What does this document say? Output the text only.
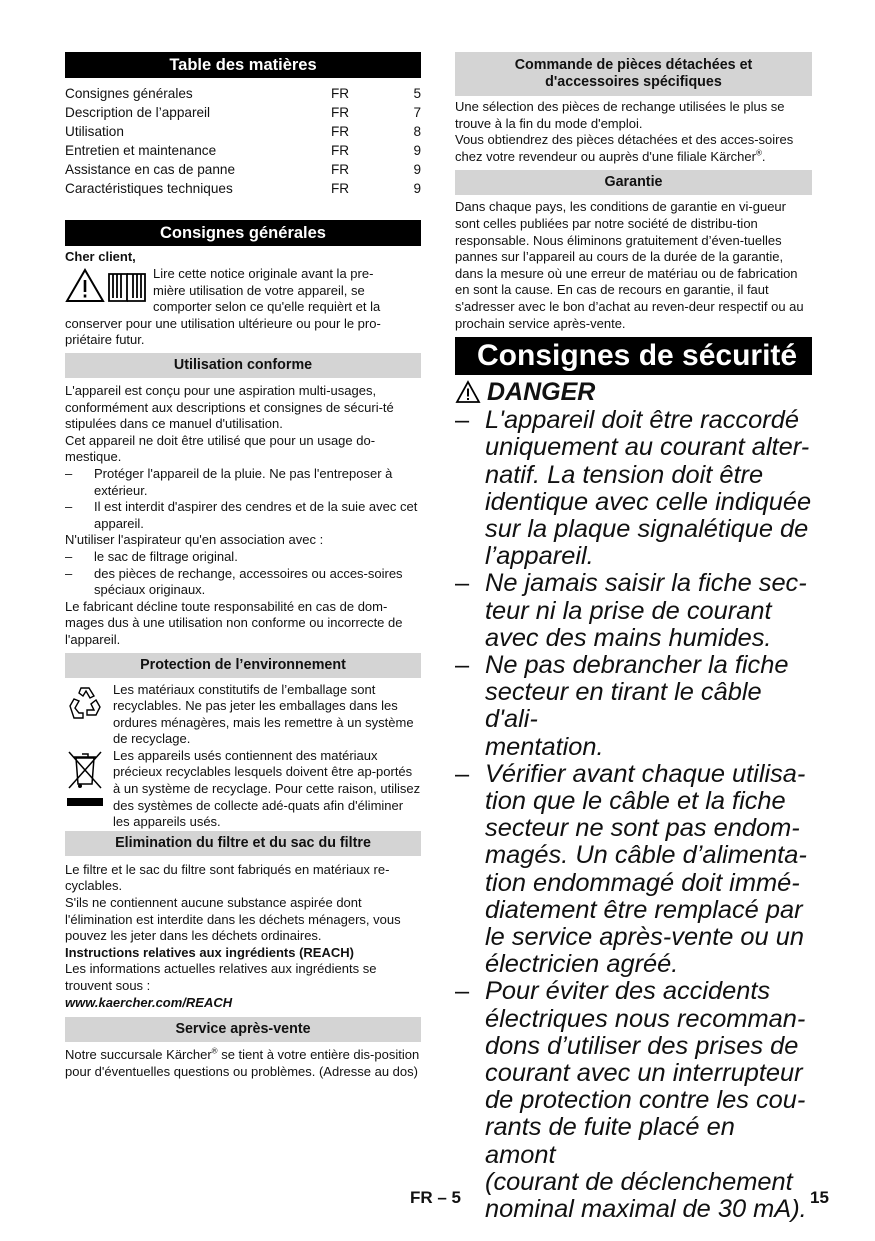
Table des matières
Consignes générales	FR	5
Description de l’appareil	FR	7
Utilisation	FR	8
Entretien et maintenance	FR	9
Assistance en cas de panne	FR	9
Caractéristiques techniques	FR	9
Consignes générales

Cher client,

Lire cette notice originale avant la pre-
mière utilisation de votre appareil, se
comporter selon ce qu'elle requièrt et la

conserver pour une utilisation ultérieure ou pour le pro-priétaire futur.

Utilisation conforme

L'appareil est conçu pour une aspiration multi-usages, conformément aux descriptions et consignes de sécuri-té stipulées dans ce manuel d'utilisation.

Cet appareil ne doit être utilisé que pour un usage do-mestique.

–	Protéger l'appareil de la pluie. Ne pas l'entreposer à extérieur.
–	Il est interdit d'aspirer des cendres et de la suie avec cet appareil.

N'utiliser l'aspirateur qu'en association avec :

–	le sac de filtrage original.
–	des pièces de rechange, accessoires ou acces-soires spéciaux originaux.

Le fabricant décline toute responsabilité en cas de dom-mages dus à une utilisation non conforme ou incorrecte de l'appareil.

Protection de l’environnement

Les matériaux constitutifs de l’emballage sont recyclables. Ne pas jeter les emballages dans les ordures ménagères, mais les remettre à un système de recyclage.

Les appareils usés contiennent des matériaux précieux recyclables lesquels doivent être ap-portés à un système de recyclage. Pour cette raison, utilisez des systèmes de collecte adé-quats afin d'éliminer les appareils usés.

Elimination du filtre et du sac du filtre

Le filtre et le sac du filtre sont fabriqués en matériaux re-cyclables.

S'ils ne contiennent aucune substance aspirée dont l'élimination est interdite dans les déchets ménagers, vous pouvez les jeter dans les déchets ordinaires.

Instructions relatives aux ingrédients (REACH)

Les informations actuelles relatives aux ingrédients se trouvent sous :

www.kaercher.com/REACH

Service après-vente

Notre succursale Kärcher® se tient à votre entière dis-position pour d'éventuelles questions ou problèmes. (Adresse au dos)

Commande de pièces détachées et d'accessoires spécifiques

Une sélection des pièces de rechange utilisées le plus se trouve à la fin du mode d'emploi.

Vous obtiendrez des pièces détachées et des acces-soires chez votre revendeur ou auprès d'une filiale Kärcher®.

Garantie

Dans chaque pays, les conditions de garantie en vi-gueur sont celles publiées par notre société de distribu-tion responsable. Nous éliminons gratuitement d’éven-tuelles pannes sur l’appareil au cours de la durée de la garantie, dans la mesure où une erreur de matériau ou de fabrication en sont la cause. En cas de recours en garantie, il faut s'adresser avec le bon d’achat au reven-deur respectif ou au prochain service après-vente.

Consignes de sécurité
DANGER
– L'appareil doit être raccordé
uniquement au courant alter-
natif. La tension doit être
identique avec celle indiquée
sur la plaque signalétique de
l’appareil.
– Ne jamais saisir la fiche sec-
teur ni la prise de courant
avec des mains humides.
– Ne pas debrancher la fiche
secteur en tirant le câble d'ali-
mentation.
– Vérifier avant chaque utilisa-
tion que le câble et la fiche
secteur ne sont pas endom-
magés. Un câble d’alimenta-
tion endommagé doit immé-
diatement être remplacé par
le service après-vente ou un
électricien agréé.
– Pour éviter des accidents
électriques nous recomman-
dons d’utiliser des prises de
courant avec un interrupteur
de protection contre les cou-
rants de fuite placé en amont
(courant de déclenchement
nominal maximal de 30 mA).
FR – 5	15
